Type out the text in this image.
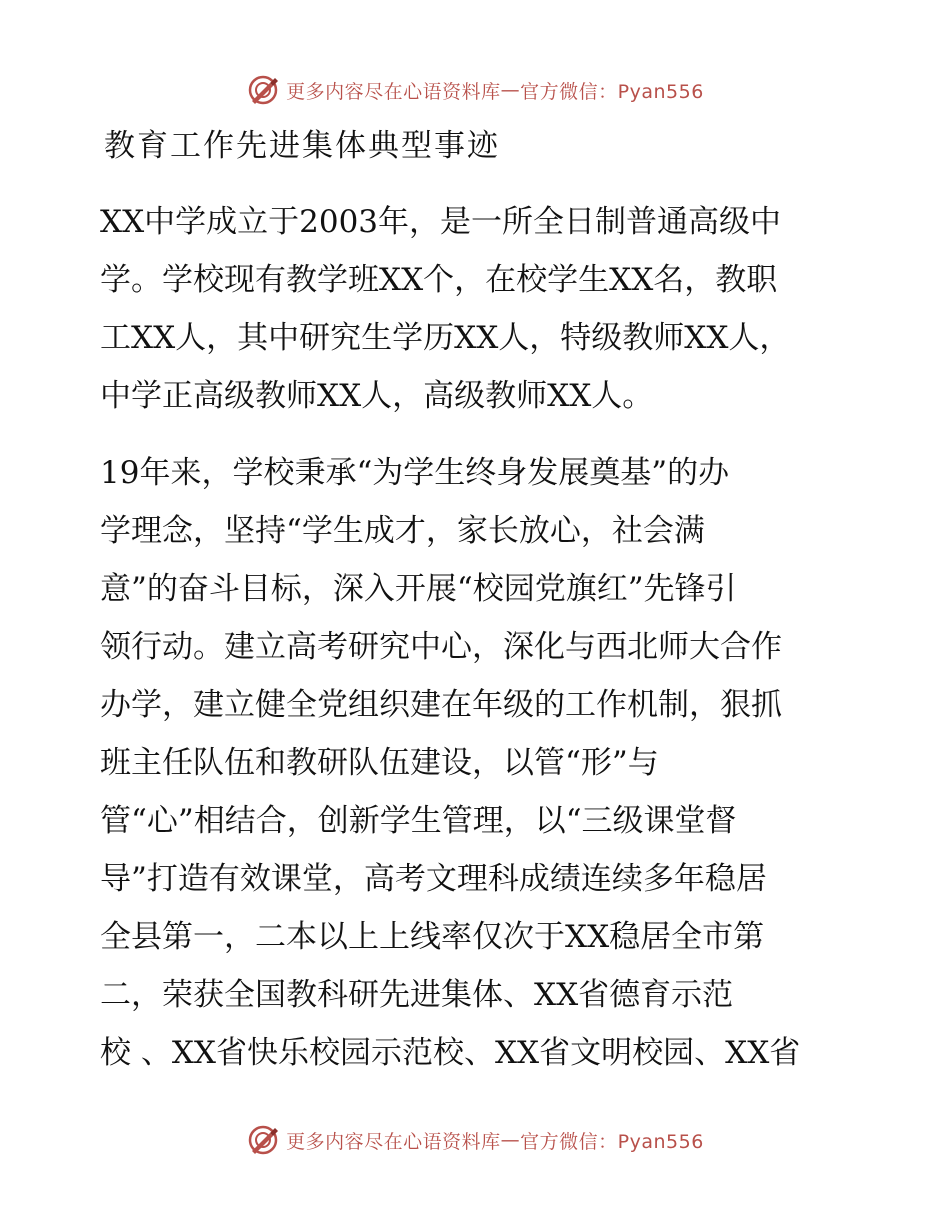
更多内容尽在心语资料库 — 官方微信：Pyan556
教育工作先进集体典型事迹
XX中学成立于2003年，是一所全日制普通高级中
学。学校现有教学班XX个，在校学生XX名，教职
工XX人，其中研究生学历XX人，特级教师XX人，
中学正高级教师XX人，高级教师XX人。
19年来，学校秉承“为学生终身发展奠基”的办
学理念，坚持“学生成才，家长放心，社会满
意”的奋斗目标，深入开展“校园党旗红”先锋引
领行动。建立高考研究中心，深化与西北师大合作
办学，建立健全党组织建在年级的工作机制，狠抓
班主任队伍和教研队伍建设，以管“形”与
管“心”相结合，创新学生管理，以“三级课堂督
导”打造有效课堂，高考文理科成绩连续多年稳居
全县第一，二本以上上线率仅次于XX稳居全市第
二，荣获全国教科研先进集体、XX省德育示范
校 、XX省快乐校园示范校、XX省文明校园、XX省
更多内容尽在心语资料库 — 官方微信：Pyan556
